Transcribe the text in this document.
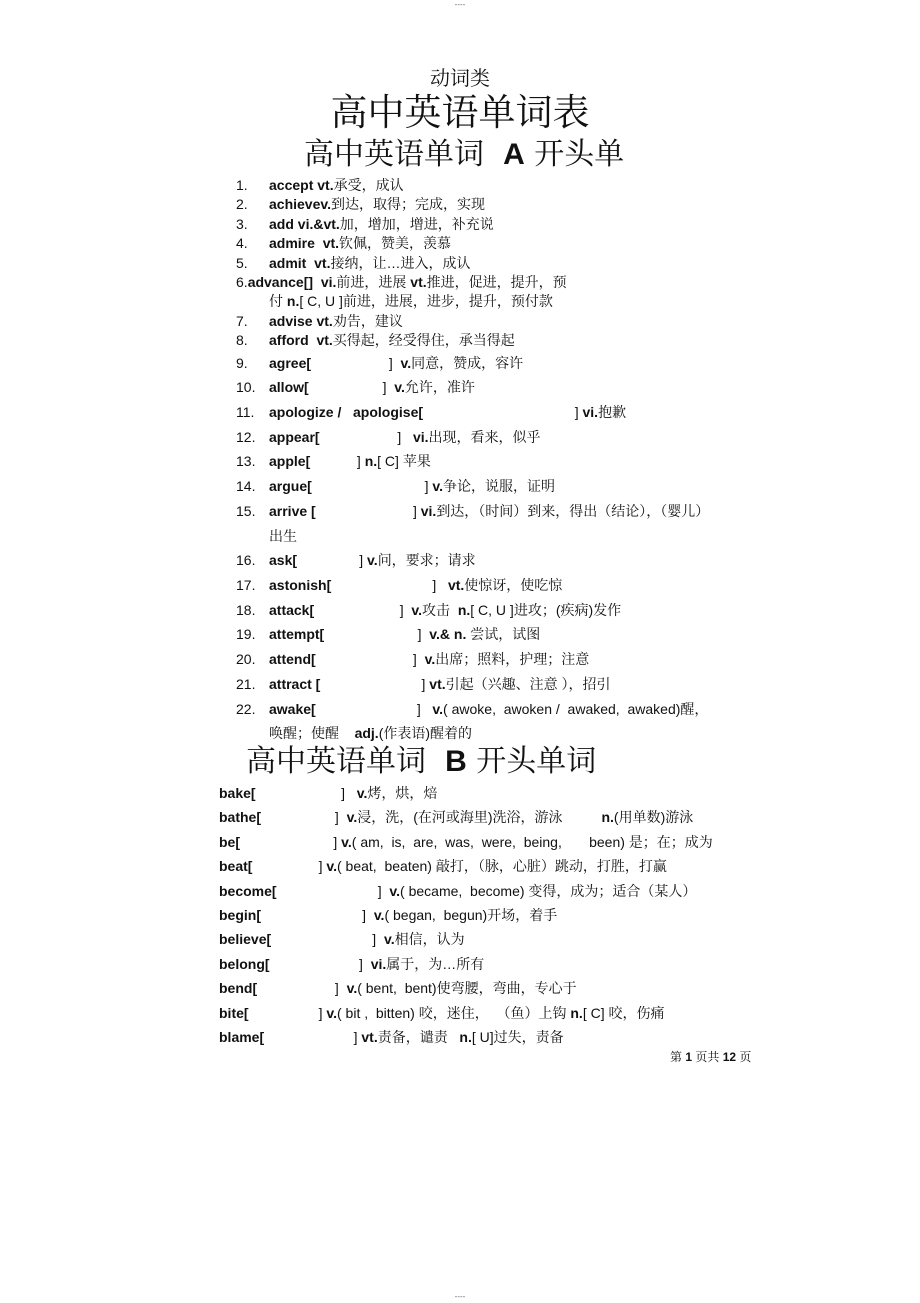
----
动词类
高中英语单词表
高中英语单词  A 开头单
1. accept vt.承受，成认
2. achievev.到达，取得；完成，实现
3. add vi.&vt.加，增加，增进，补充说
4. admire  vt.钦佩，赞美，羡慕
5. admit  vt.接纳，让…进入，成认
6.advance[]  vi.前进，进展 vt.推进，促进，提升，预
付 n.[ C, U ]前进，进展，进步，提升，预付款
7. advise vt.劝告，建议
8. afford  vt.买得起，经受得住，承当得起
9. agree[                    ]  v.同意，赞成，容许
10. allow[                   ]  v.允许，准许
11. apologize /   apologise[                                       ] vi.抱歉
12. appear[                    ]   vi.出现，看来，似乎
13. apple[            ] n.[ C] 苹果
14. argue[                             ] v.争论，说服，证明
15. arrive [                         ] vi.到达，（时间）到来，得出（结论），（婴儿）
出生
16. ask[                ] v.问，要求；请求
17. astonish[                          ]   vt.使惊讶，使吃惊
18. attack[                      ]  v.攻击  n.[ C, U ]进攻；(疾病)发作
19. attempt[                        ]  v.& n. 尝试，试图
20. attend[                         ]  v.出席；照料，护理；注意
21. attract [                          ] vt.引起（兴趣、注意 ），招引
22. awake[                          ]   v.( awoke,  awoken /  awaked,  awaked)醒，
唤醒；使醒    adj.(作表语)醒着的
高中英语单词  B 开头单词
bake[                      ]   v.烤，烘，焙
bathe[                   ]  v.浸，洗，(在河或海里)洗浴，游泳          n.(用单数)游泳
be[                        ] v.( am,  is,  are,  was,  were,  being,       been) 是；在；成为
beat[                 ] v.( beat,  beaten) 敲打，（脉，心脏）跳动，打胜，打赢
become[                          ]  v.( became,  become) 变得，成为；适合（某人）
begin[                          ]  v.( began,  begun)开场，着手
believe[                          ]  v.相信，认为
belong[                       ]  vi.属于，为…所有
bend[                    ]  v.( bent,  bent)使弯腰，弯曲，专心于
bite[                  ] v.( bit ,  bitten) 咬，迷住，  （鱼）上钩 n.[ C] 咬，伤痛
blame[                       ] vt.责备，谴责   n.[ U]过失，责备
第 1 页共 12 页
----
